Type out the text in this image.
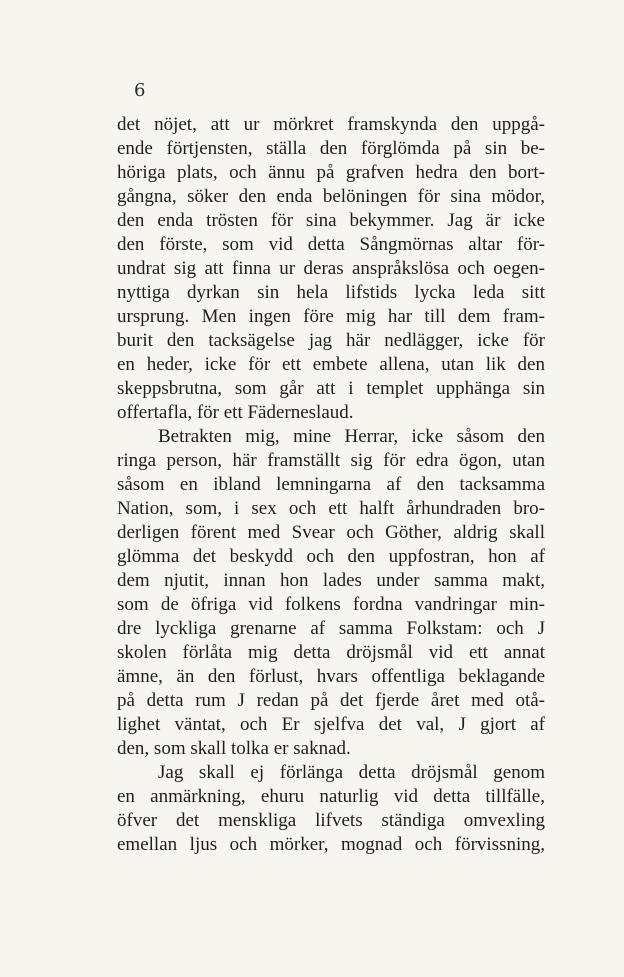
6
det nöjet, att ur mörkret framskynda den uppgå-
ende förtjensten, ställa den förglömda på sin be-
höriga plats, och ännu på grafven hedra den bort-
gångna, söker den enda belöningen för sina mödor,
den enda trösten för sina bekymmer. Jag är icke
den förste, som vid detta Sångmörnas altar för-
undrat sig att finna ur deras anspråkslösa och oegen-
nyttiga dyrkan sin hela lifstids lycka leda sitt
ursprung. Men ingen före mig har till dem fram-
burit den tacksägelse jag här nedlägger, icke för
en heder, icke för ett embete allena, utan lik den
skeppsbrutna, som går att i templet upphänga sin
offertafla, för ett Fäderneslaud.
Betrakten mig, mine Herrar, icke såsom den
ringa person, här framställt sig för edra ögon, utan
såsom en ibland lemningarna af den tacksamma
Nation, som, i sex och ett halft århundraden bro-
derligen förent med Svear och Göther, aldrig skall
glömma det beskydd och den uppfostran, hon af
dem njutit, innan hon lades under samma makt,
som de öfriga vid folkens fordna vandringar min-
dre lyckliga grenarne af samma Folkstam: och J
skolen förlåta mig detta dröjsmål vid ett annat
ämne, än den förlust, hvars offentliga beklagande
på detta rum J redan på det fjerde året med otå-
lighet väntat, och Er sjelfva det val, J gjort af
den, som skall tolka er saknad.
Jag skall ej förlänga detta dröjsmål genom
en anmärkning, ehuru naturlig vid detta tillfälle,
öfver det menskliga lifvets ständiga omvexling
emellan ljus och mörker, mognad och förvissning,
